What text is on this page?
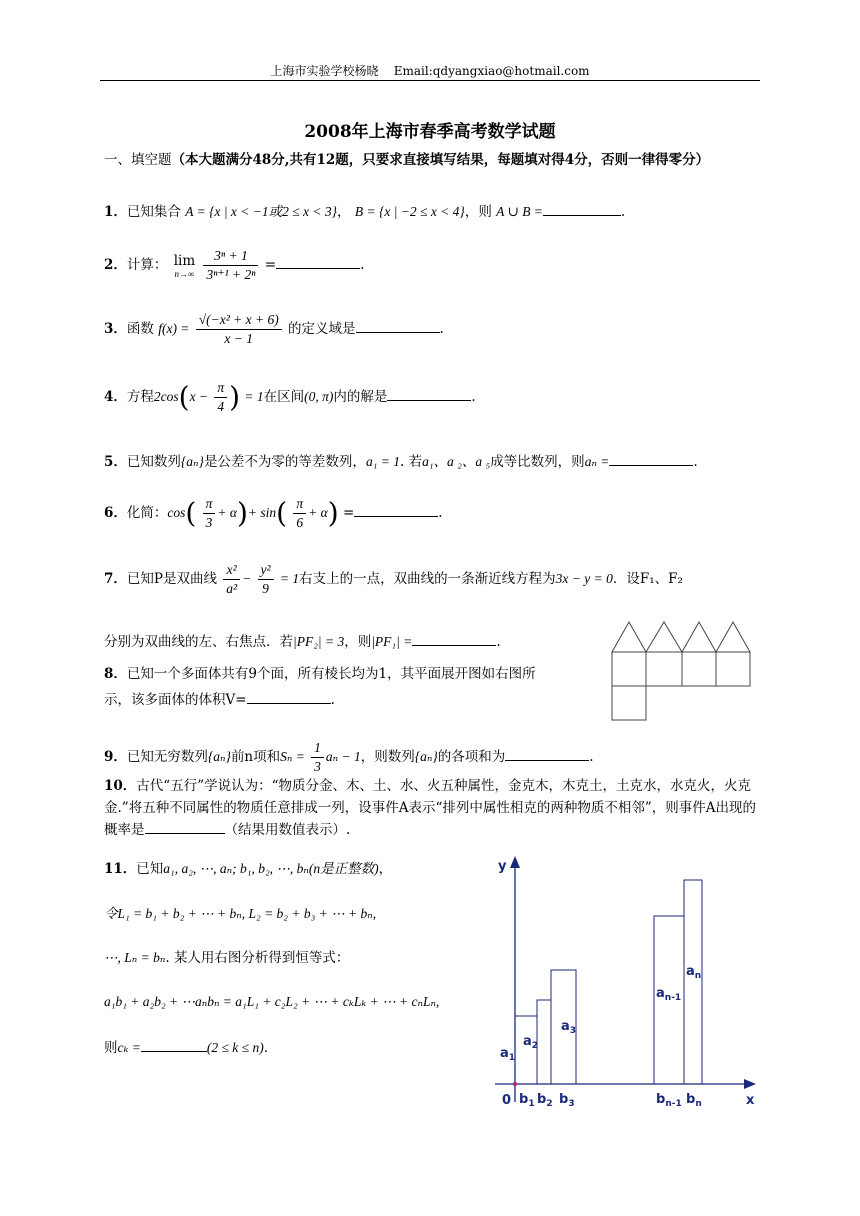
上海市实验学校杨晓 Email:qdyangxiao@hotmail.com
2008年上海市春季高考数学试题
一、填空题（本大题满分48分,共有12题，只要求直接填写结果，每题填对得4分，否则一律得零分）
1．已知集合 A = {x | x < −1或2 ≤ x < 3}， B = {x | −2 ≤ x < 4}，则 A ∪ B =	.
2．计算： lim
n→∞
$\frac{\text{3ⁿ + 1}}{\text{3ⁿ⁺¹ + 2ⁿ}}$ =	.
3．函数 $f(x) = \frac{\text{√(−x² + x + 6)}}{x - 1}$ 的定义域是	.
4．方程$2\cos(x - \frac{\pi}{4}$ ) = 1在区间(0, π)内的解是	.
5．已知数列{aₙ}是公差不为零的等差数列，a₁ = 1. 若a₁、a ₂、a ₅成等比数列，则aₙ =	.
6．化简：$\cos( \frac{\pi}{3} + \alpha)+ \sin( \frac{\pi}{6} + \alpha)$ =	.
7．已知P是双曲线 $\frac{\text{x²}}{\text{a²}} - \frac{\text{y²}}{9} = 1$右支上的一点，双曲线的一条渐近线方程为3x − y = 0．设F₁、F₂
分别为双曲线的左、右焦点．若|PF₂| = 3，则|PF₁| =	.
8．已知一个多面体共有9个面，所有棱长均为1，其平面展开图如右图所
示，该多面体的体积V=	.
9．已知无穷数列{aₙ}前n项和$S_n = \frac{1}{3}$ aₙ − 1，则数列{aₙ}的各项和为	.
10．古代“五行”学说认为：“物质分金、木、土、水、火五种属性，金克木，木克土，土克水，水克火，火克金.”将五种不同属性的物质任意排成一列，设事件A表示“排列中属性相克的两种物质不相邻”，则事件A出现的概率是	（结果用数值表示）.
11．已知a₁, a₂, ⋯, aₙ; b₁, b₂, ⋯, bₙ(n是正整数)，
令L₁ = b₁ + b₂ + ⋯ + bₙ, L₂ = b₂ + b₃ + ⋯ + bₙ,
⋯, Lₙ = bₙ. 某人用右图分析得到恒等式：
a₁b₁ + a₂b₂ + ⋯aₙbₙ = a₁L₁ + c₂L₂ + ⋯ + cₖLₖ + ⋯ + cₙLₙ,
则cₖ =	(2 ≤ k ≤ n).
y
x
0
$a_1$
$a_2$
$a_3$
$a_{n-1}$
$a_n$
$b_1$ $b_2$ $b_3$	$b_{n-1}$ $b_n$
